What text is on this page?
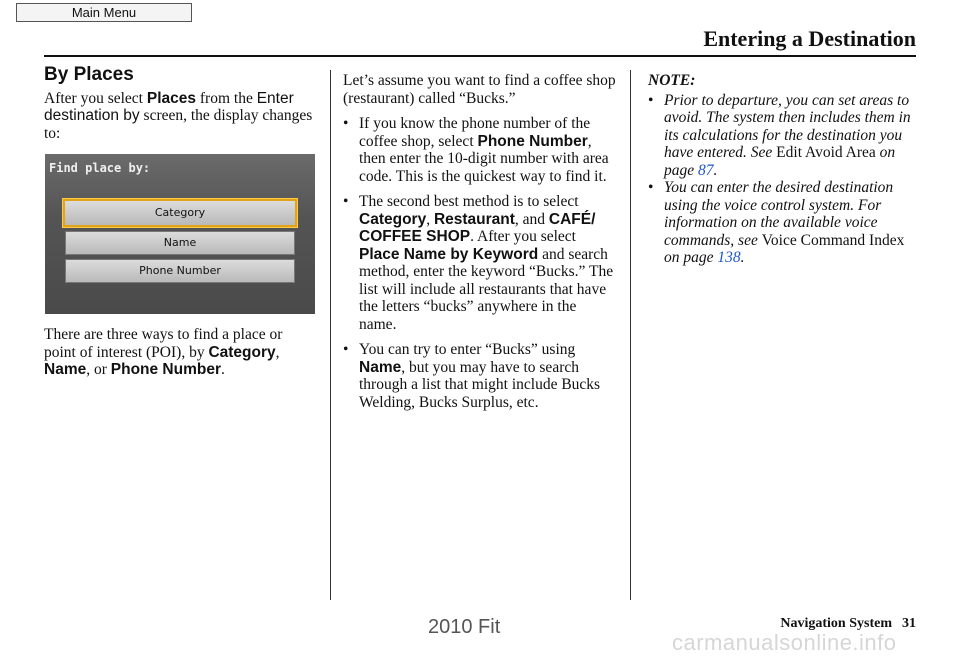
Main Menu
Entering a Destination
By Places

After you select Places from the Enter destination by screen, the display changes to:

Find place by:
Category
Name
Phone Number

There are three ways to find a place or point of interest (POI), by Category, Name, or Phone Number.

Let’s assume you want to find a coffee shop (restaurant) called “Bucks.”

• If you know the phone number of the coffee shop, select Phone Number, then enter the 10-digit number with area code. This is the quickest way to find it.
• The second best method is to select Category, Restaurant, and CAFÉ/ COFFEE SHOP. After you select Place Name by Keyword and search method, enter the keyword “Bucks.” The list will include all restaurants that have the letters “bucks” anywhere in the name.
• You can try to enter “Bucks” using Name, but you may have to search through a list that might include Bucks Welding, Bucks Surplus, etc.
NOTE:
• Prior to departure, you can set areas to avoid. The system then includes them in its calculations for the destination you have entered. See Edit Avoid Area on page 87.
• You can enter the desired destination using the voice control system. For information on the available voice commands, see Voice Command Index on page 138.
2010 Fit	Navigation System 31
carmanualsonline.info
